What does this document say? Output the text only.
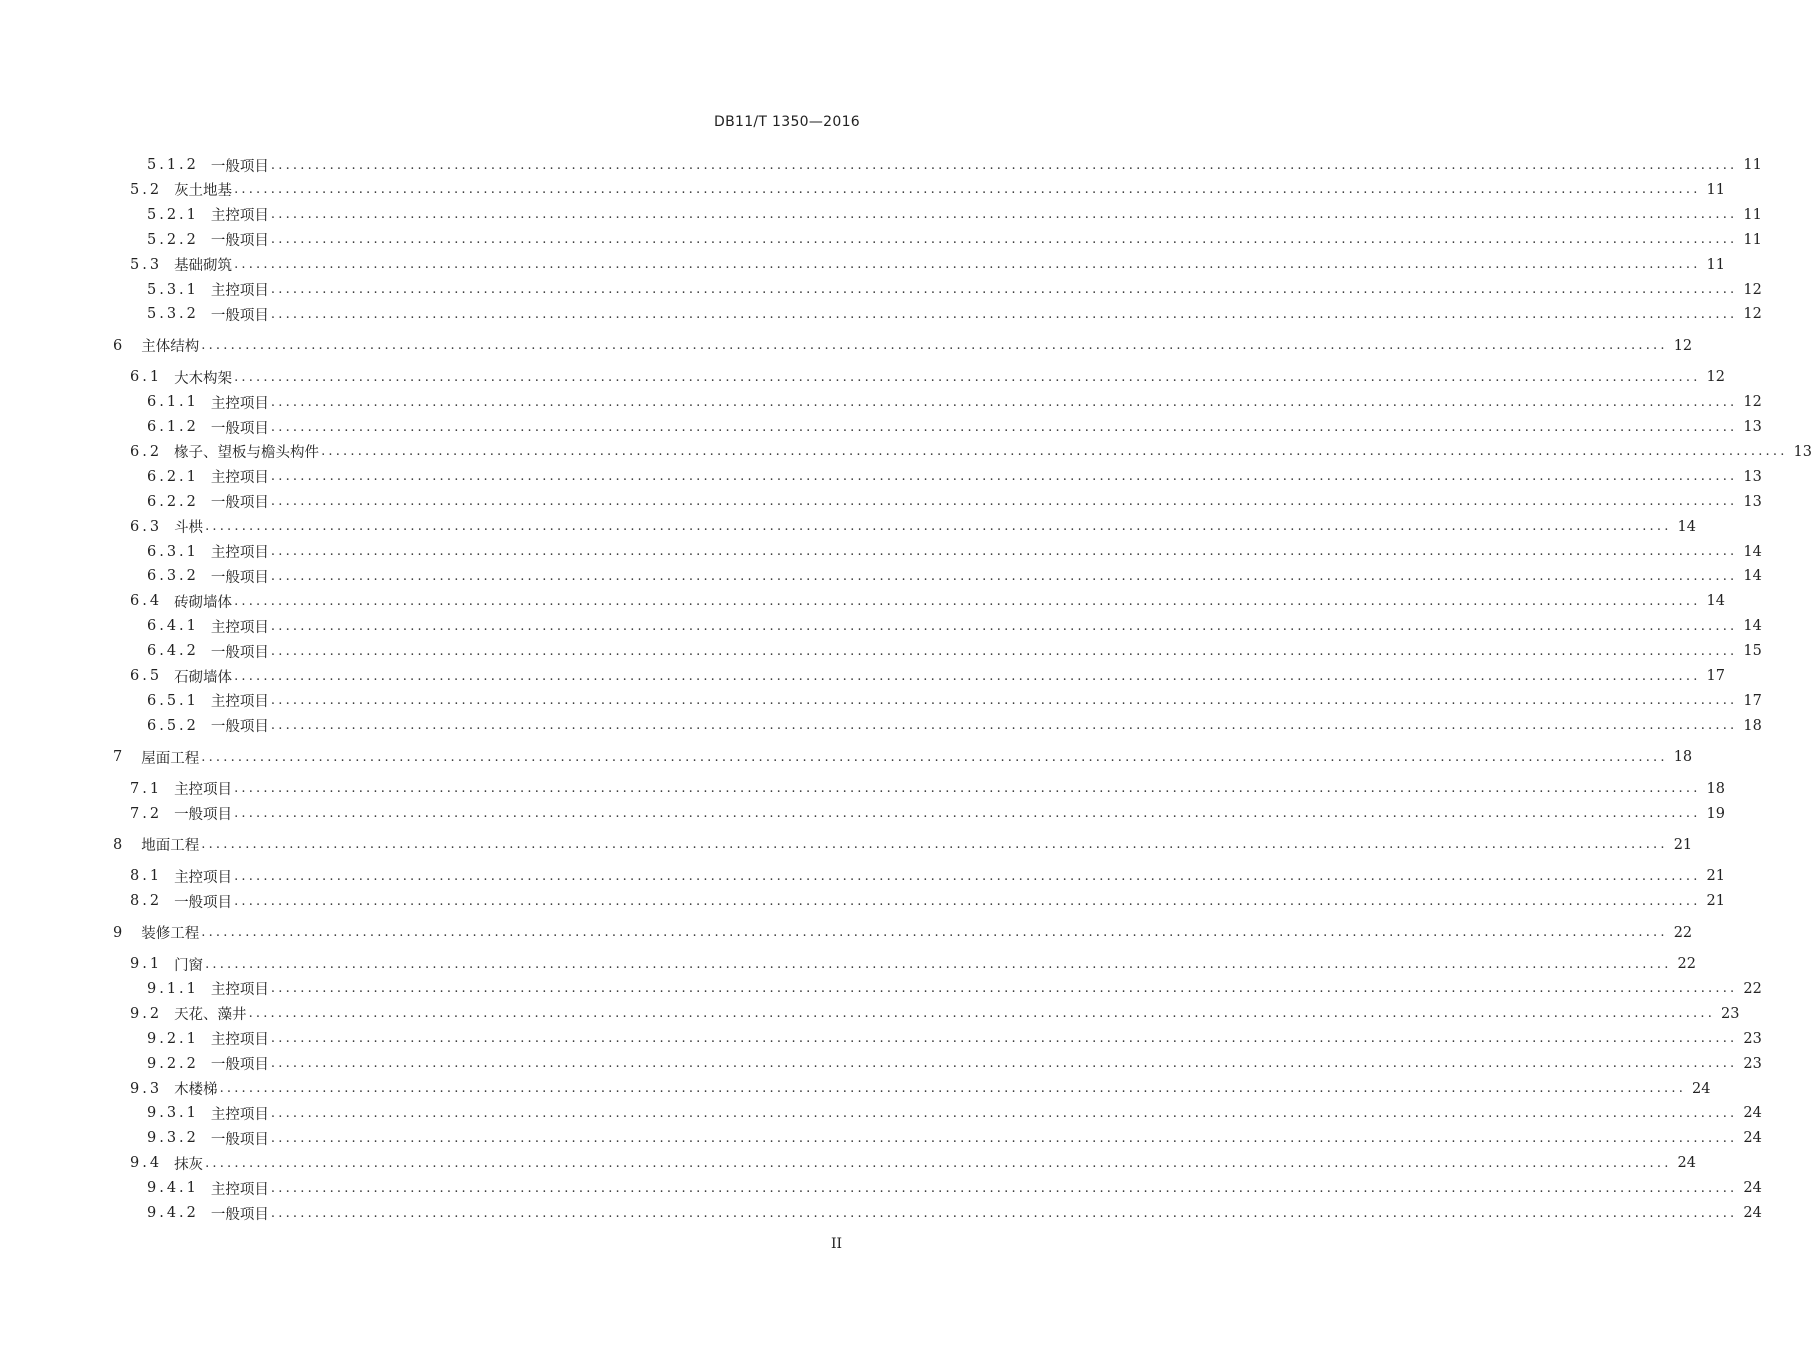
DB11/T 1350—2016
5.1.2 一般项目 ........................................................................................................................................................................................................ 11
5.2 灰土地基 ........................................................................................................................................................................................................ 11
5.2.1 主控项目 ........................................................................................................................................................................................................ 11
5.2.2 一般项目 ........................................................................................................................................................................................................ 11
5.3 基础砌筑 ........................................................................................................................................................................................................ 11
5.3.1 主控项目 ........................................................................................................................................................................................................ 12
5.3.2 一般项目 ........................................................................................................................................................................................................ 12
6 主体结构 ........................................................................................................................................................................................................ 12
6.1 大木构架 ........................................................................................................................................................................................................ 12
6.1.1 主控项目 ........................................................................................................................................................................................................ 12
6.1.2 一般项目 ........................................................................................................................................................................................................ 13
6.2 椽子、望板与檐头构件 ........................................................................................................................................................................................................ 13
6.2.1 主控项目 ........................................................................................................................................................................................................ 13
6.2.2 一般项目 ........................................................................................................................................................................................................ 13
6.3 斗栱 ........................................................................................................................................................................................................ 14
6.3.1 主控项目 ........................................................................................................................................................................................................ 14
6.3.2 一般项目 ........................................................................................................................................................................................................ 14
6.4 砖砌墙体 ........................................................................................................................................................................................................ 14
6.4.1 主控项目 ........................................................................................................................................................................................................ 14
6.4.2 一般项目 ........................................................................................................................................................................................................ 15
6.5 石砌墙体 ........................................................................................................................................................................................................ 17
6.5.1 主控项目 ........................................................................................................................................................................................................ 17
6.5.2 一般项目 ........................................................................................................................................................................................................ 18
7 屋面工程 ........................................................................................................................................................................................................ 18
7.1 主控项目 ........................................................................................................................................................................................................ 18
7.2 一般项目 ........................................................................................................................................................................................................ 19
8 地面工程 ........................................................................................................................................................................................................ 21
8.1 主控项目 ........................................................................................................................................................................................................ 21
8.2 一般项目 ........................................................................................................................................................................................................ 21
9 装修工程 ........................................................................................................................................................................................................ 22
9.1 门窗 ........................................................................................................................................................................................................ 22
9.1.1 主控项目 ........................................................................................................................................................................................................ 22
9.2 天花、藻井 ........................................................................................................................................................................................................ 23
9.2.1 主控项目 ........................................................................................................................................................................................................ 23
9.2.2 一般项目 ........................................................................................................................................................................................................ 23
9.3 木楼梯 ........................................................................................................................................................................................................ 24
9.3.1 主控项目 ........................................................................................................................................................................................................ 24
9.3.2 一般项目 ........................................................................................................................................................................................................ 24
9.4 抹灰 ........................................................................................................................................................................................................ 24
9.4.1 主控项目 ........................................................................................................................................................................................................ 24
9.4.2 一般项目 ........................................................................................................................................................................................................ 24
II
